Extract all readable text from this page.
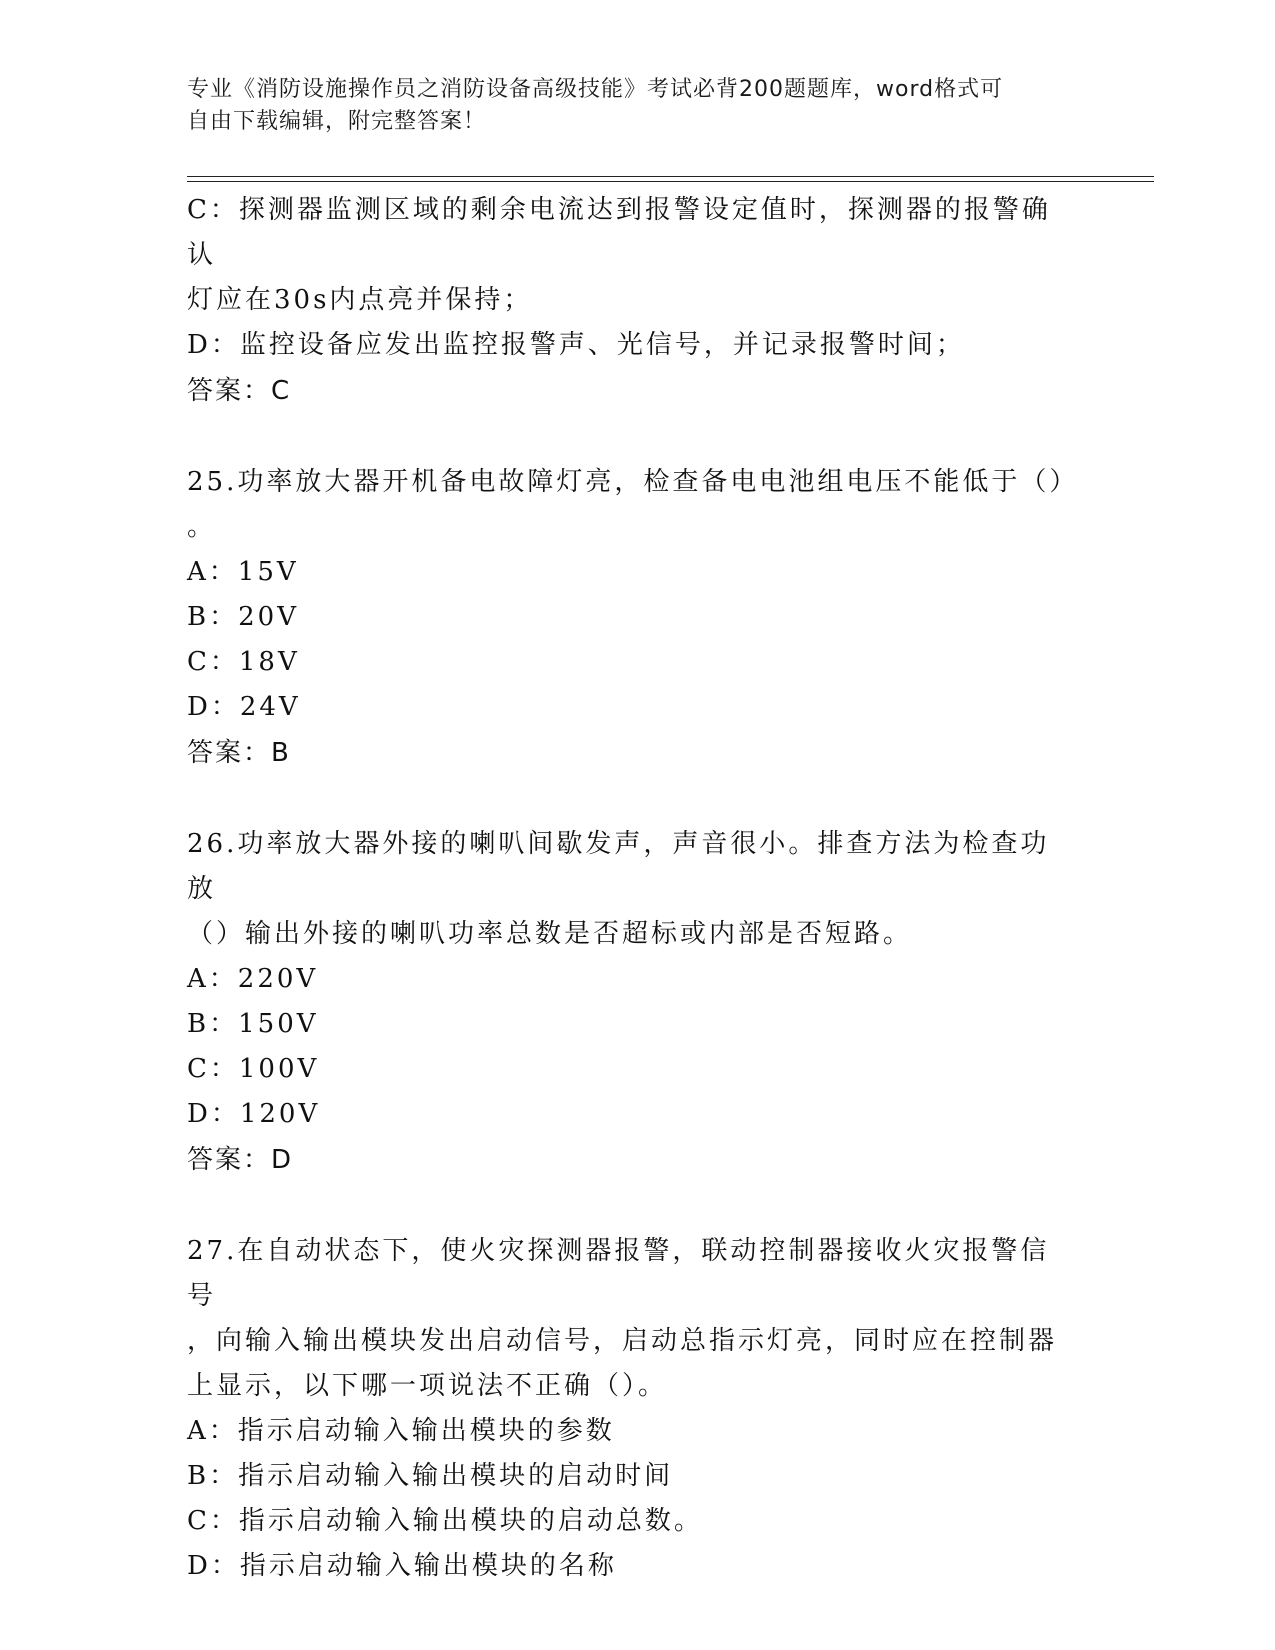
专业《消防设施操作员之消防设备高级技能》考试必背200题题库，word格式可
自由下载编辑，附完整答案！
C：探测器监测区域的剩余电流达到报警设定值时，探测器的报警确认
灯应在30s内点亮并保持；
D：监控设备应发出监控报警声、光信号，并记录报警时间；
答案：C
25.功率放大器开机备电故障灯亮，检查备电电池组电压不能低于（）
。
A：15V
B：20V
C：18V
D：24V
答案：B
26.功率放大器外接的喇叭间歇发声，声音很小。排查方法为检查功放
（）输出外接的喇叭功率总数是否超标或内部是否短路。
A：220V
B：150V
C：100V
D：120V
答案：D
27.在自动状态下，使火灾探测器报警，联动控制器接收火灾报警信号
，向输入输出模块发出启动信号，启动总指示灯亮，同时应在控制器
上显示，以下哪一项说法不正确（）。
A：指示启动输入输出模块的参数
B：指示启动输入输出模块的启动时间
C：指示启动输入输出模块的启动总数。
D：指示启动输入输出模块的名称
